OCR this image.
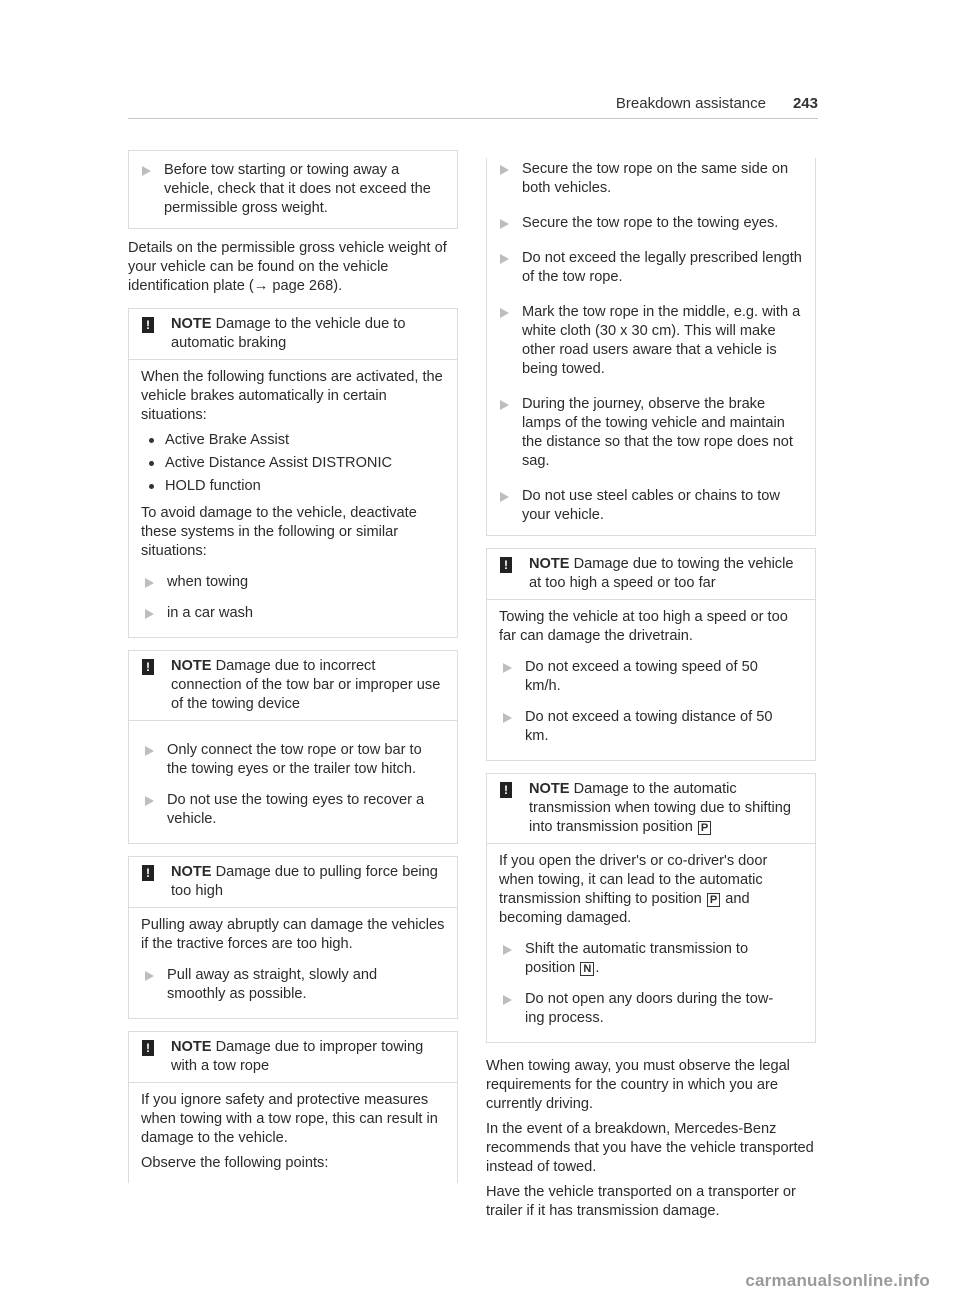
Breakdown assistance 243
Before tow starting or towing away a vehicle, check that it does not exceed the permissible gross weight.

Details on the permissible gross vehicle weight of your vehicle can be found on the vehicle identification plate (→ page 268).

! NOTE Damage to the vehicle due to automatic braking

When the following functions are activated, the vehicle brakes automatically in certain situations:

Active Brake Assist
Active Distance Assist DISTRONIC
HOLD function

To avoid damage to the vehicle, deactivate these systems in the following or similar situations:

when towing
in a car wash
! NOTE Damage due to incorrect connection of the tow bar or improper use of the towing device
Only connect the tow rope or tow bar to the towing eyes or the trailer tow hitch.
Do not use the towing eyes to recover a vehicle.
! NOTE Damage due to pulling force being too high

Pulling away abruptly can damage the vehicles if the tractive forces are too high.

Pull away as straight, slowly and smoothly as possible.
! NOTE Damage due to improper towing with a tow rope

If you ignore safety and protective measures when towing with a tow rope, this can result in damage to the vehicle.

Observe the following points:

Secure the tow rope on the same side on both vehicles.
Secure the tow rope to the towing eyes.
Do not exceed the legally prescribed length of the tow rope.
Mark the tow rope in the middle, e.g. with a white cloth (30 x 30 cm). This will make other road users aware that a vehicle is being towed.
During the journey, observe the brake lamps of the towing vehicle and maintain the distance so that the tow rope does not sag.
Do not use steel cables or chains to tow your vehicle.
! NOTE Damage due to towing the vehicle at too high a speed or too far

Towing the vehicle at too high a speed or too far can damage the drivetrain.

Do not exceed a towing speed of 50 km/h.
Do not exceed a towing distance of 50 km.
! NOTE Damage to the automatic transmission when towing due to shifting into transmission position P

If you open the driver's or co-driver's door when towing, it can lead to the automatic transmission shifting to position P and becoming damaged.

Shift the automatic transmission to position N .
Do not open any doors during the tow- ing process.

When towing away, you must observe the legal requirements for the country in which you are currently driving.

In the event of a breakdown, Mercedes-Benz recommends that you have the vehicle transported instead of towed.

Have the vehicle transported on a transporter or trailer if it has transmission damage.

carmanualsonline.info
